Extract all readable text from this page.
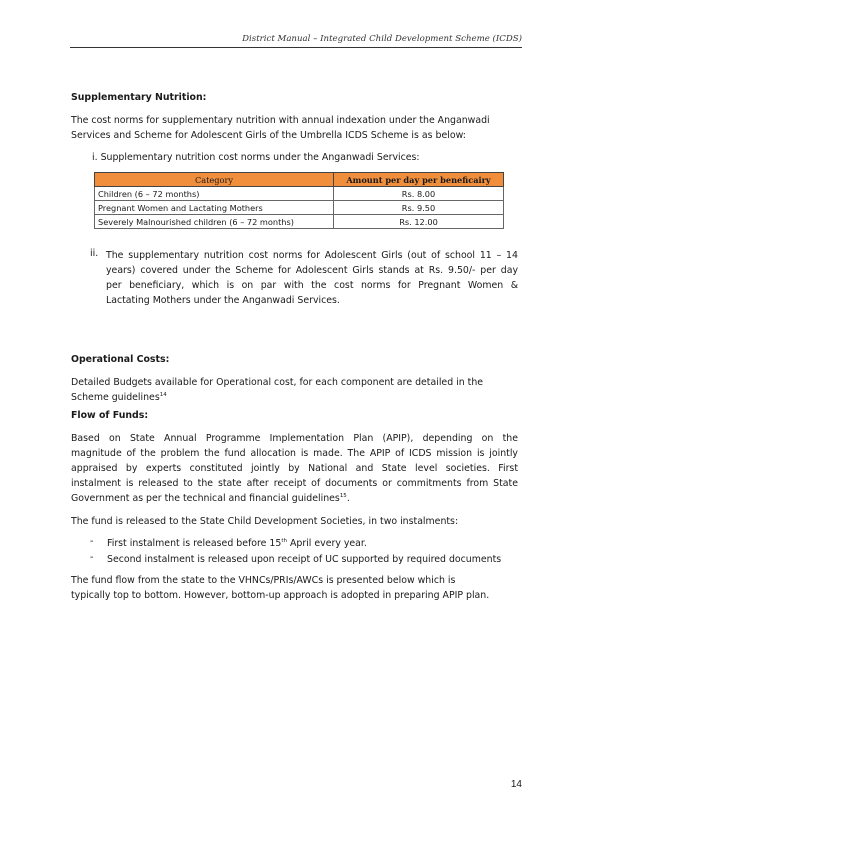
District Manual – Integrated Child Development Scheme (ICDS)
Supplementary Nutrition:
The cost norms for supplementary nutrition with annual indexation under the Anganwadi
Services and Scheme for Adolescent Girls of the Umbrella ICDS Scheme is as below:
i. Supplementary nutrition cost norms under the Anganwadi Services:
Category	Amount per day per beneficairy
Children (6 – 72 months)	Rs. 8.00
Pregnant Women and Lactating Mothers	Rs. 9.50
Severely Malnourished children (6 – 72 months)	Rs. 12.00
ii. The supplementary nutrition cost norms for Adolescent Girls (out of school 11 – 14
years) covered under the Scheme for Adolescent Girls stands at Rs. 9.50/- per day
per beneficiary, which is on par with the cost norms for Pregnant Women &
Lactating Mothers under the Anganwadi Services.
Operational Costs:
Detailed Budgets available for Operational cost, for each component are detailed in the
Scheme guidelines$^{14}$
Flow of Funds:
Based on State Annual Programme Implementation Plan (APIP), depending on the
magnitude of the problem the fund allocation is made. The APIP of ICDS mission is jointly
appraised by experts constituted jointly by National and State level societies. First
instalment is released to the state after receipt of documents or commitments from State
Government as per the technical and financial guidelines$^{15}$.
The fund is released to the State Child Development Societies, in two instalments:
- First instalment is released before 15th April every year.
- Second instalment is released upon receipt of UC supported by required documents
The fund flow from the state to the VHNCs/PRIs/AWCs is presented below which is
typically top to bottom. However, bottom-up approach is adopted in preparing APIP plan.
14
